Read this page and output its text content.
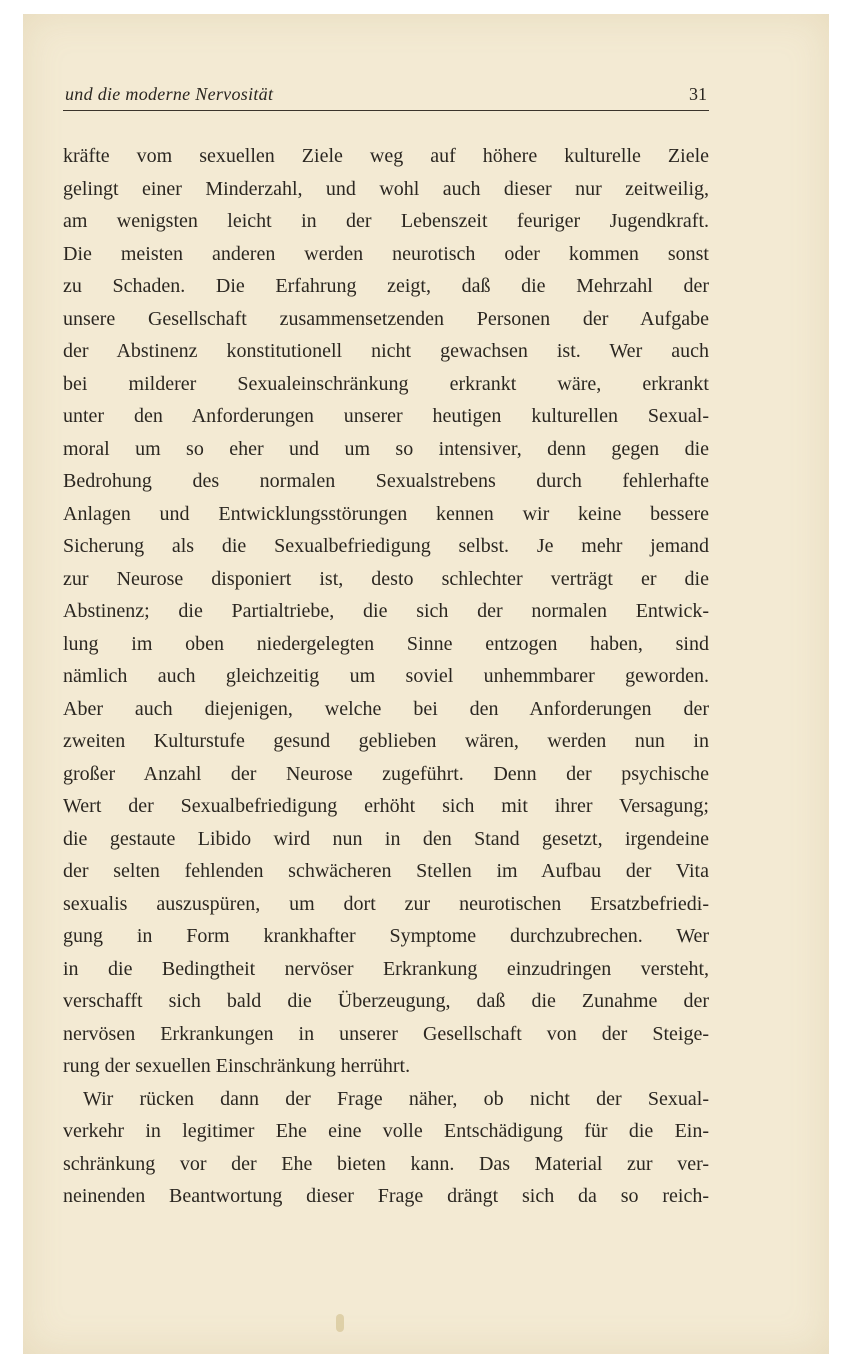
und die moderne Nervosität	31
kräfte vom sexuellen Ziele weg auf höhere kulturelle Ziele
gelingt einer Minderzahl, und wohl auch dieser nur zeitweilig,
am wenigsten leicht in der Lebenszeit feuriger Jugendkraft.
Die meisten anderen werden neurotisch oder kommen sonst
zu Schaden. Die Erfahrung zeigt, daß die Mehrzahl der
unsere Gesellschaft zusammensetzenden Personen der Aufgabe
der Abstinenz konstitutionell nicht gewachsen ist. Wer auch
bei milderer Sexualeinschränkung erkrankt wäre, erkrankt
unter den Anforderungen unserer heutigen kulturellen Sexual-
moral um so eher und um so intensiver, denn gegen die
Bedrohung des normalen Sexualstrebens durch fehlerhafte
Anlagen und Entwicklungsstörungen kennen wir keine bessere
Sicherung als die Sexualbefriedigung selbst. Je mehr jemand
zur Neurose disponiert ist, desto schlechter verträgt er die
Abstinenz; die Partialtriebe, die sich der normalen Entwick-
lung im oben niedergelegten Sinne entzogen haben, sind
nämlich auch gleichzeitig um soviel unhemmbarer geworden.
Aber auch diejenigen, welche bei den Anforderungen der
zweiten Kulturstufe gesund geblieben wären, werden nun in
großer Anzahl der Neurose zugeführt. Denn der psychische
Wert der Sexualbefriedigung erhöht sich mit ihrer Versagung;
die gestaute Libido wird nun in den Stand gesetzt, irgendeine
der selten fehlenden schwächeren Stellen im Aufbau der Vita
sexualis auszuspüren, um dort zur neurotischen Ersatzbefriedi-
gung in Form krankhafter Symptome durchzubrechen. Wer
in die Bedingtheit nervöser Erkrankung einzudringen versteht,
verschafft sich bald die Überzeugung, daß die Zunahme der
nervösen Erkrankungen in unserer Gesellschaft von der Steige-
rung der sexuellen Einschränkung herrührt.
Wir rücken dann der Frage näher, ob nicht der Sexual-
verkehr in legitimer Ehe eine volle Entschädigung für die Ein-
schränkung vor der Ehe bieten kann. Das Material zur ver-
neinenden Beantwortung dieser Frage drängt sich da so reich-
